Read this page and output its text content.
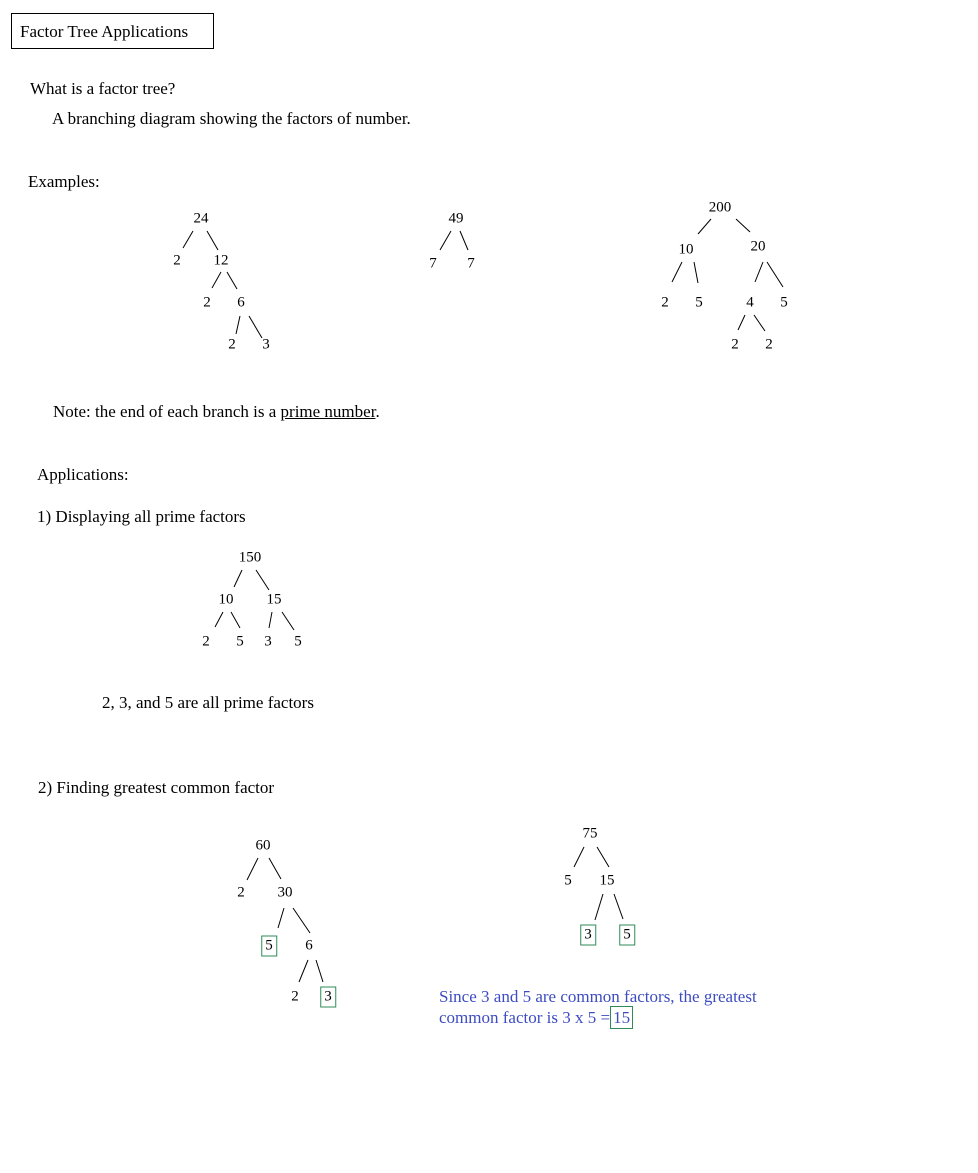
Factor Tree Applications
What is a factor tree?
A branching diagram showing the factors of number.
Examples:
24
2 12
2 6
2 3
49
7 7
200
10	20
2 5	4 5
2 2
Note: the end of each branch is a prime number.
Applications:
1) Displaying all prime factors
150
10 15
2 5 3 5
2, 3, and 5 are all prime factors
2) Finding greatest common factor
60
2 30
5 6
2 3
75
5 15
3 5
Since 3 and 5 are common factors, the greatest
common factor is 3 x 5 = 15
